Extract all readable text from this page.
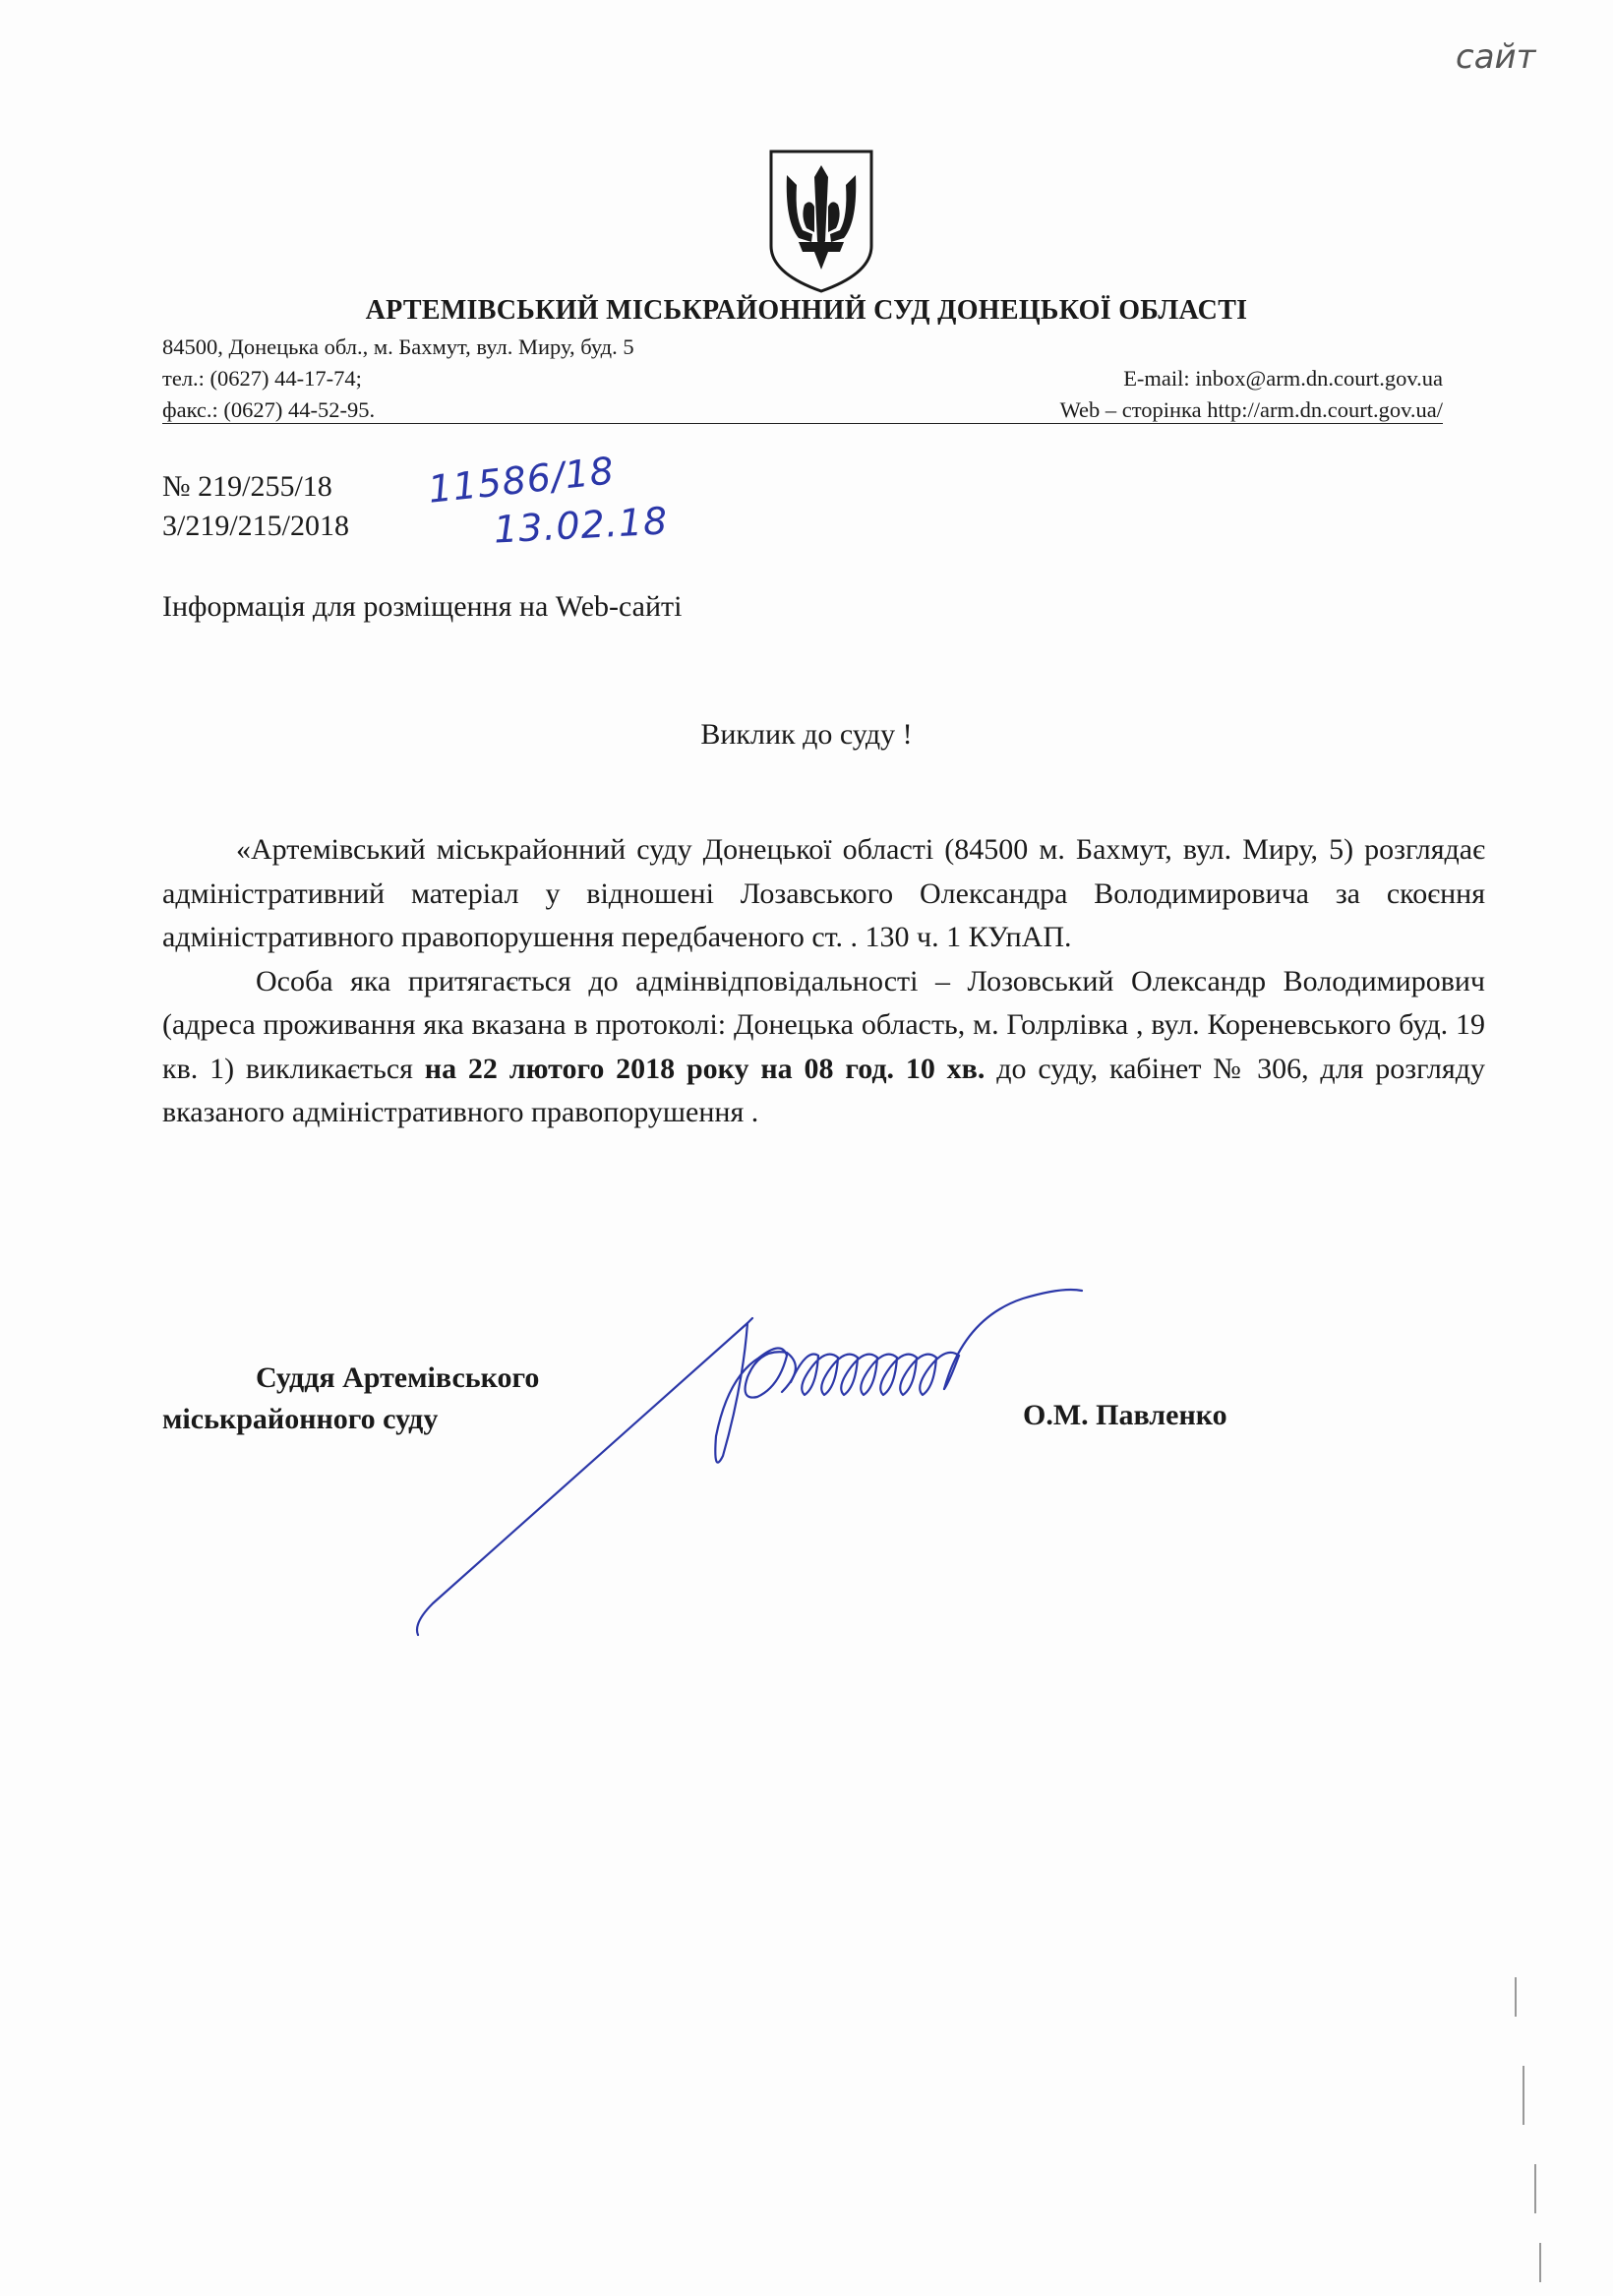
сайт
АРТЕМІВСЬКИЙ МІСЬКРАЙОННИЙ СУД ДОНЕЦЬКОЇ ОБЛАСТІ
84500, Донецька обл., м. Бахмут, вул. Миру, буд. 5
тел.: (0627) 44-17-74;	E-mail: inbox@arm.dn.court.gov.ua
факс.: (0627) 44-52-95.	Web – сторінка http://arm.dn.court.gov.ua/
№ 219/255/18
3/219/215/2018
11586/18
13.02.18
Інформація для розміщення на Web-сайті
Виклик до суду !

«Артемівський міськрайонний суду Донецької області (84500 м. Бахмут, вул. Миру, 5) розглядає адміністративний матеріал у відношені Лозавського Олександра Володимировича за скоєння адміністративного правопорушення передбаченого ст. . 130 ч. 1 КУпАП.

Особа яка притягається до адмінвідповідальності – Лозовський Олександр Володимирович (адреса проживання яка вказана в протоколі: Донецька область, м. Голрлівка , вул. Кореневського буд. 19 кв. 1) викликається на 22 лютого 2018 року на 08 год. 10 хв. до суду, кабінет № 306, для розгляду вказаного адміністративного правопорушення .

Суддя Артемівського
міськрайонного суду	О.М. Павленко
